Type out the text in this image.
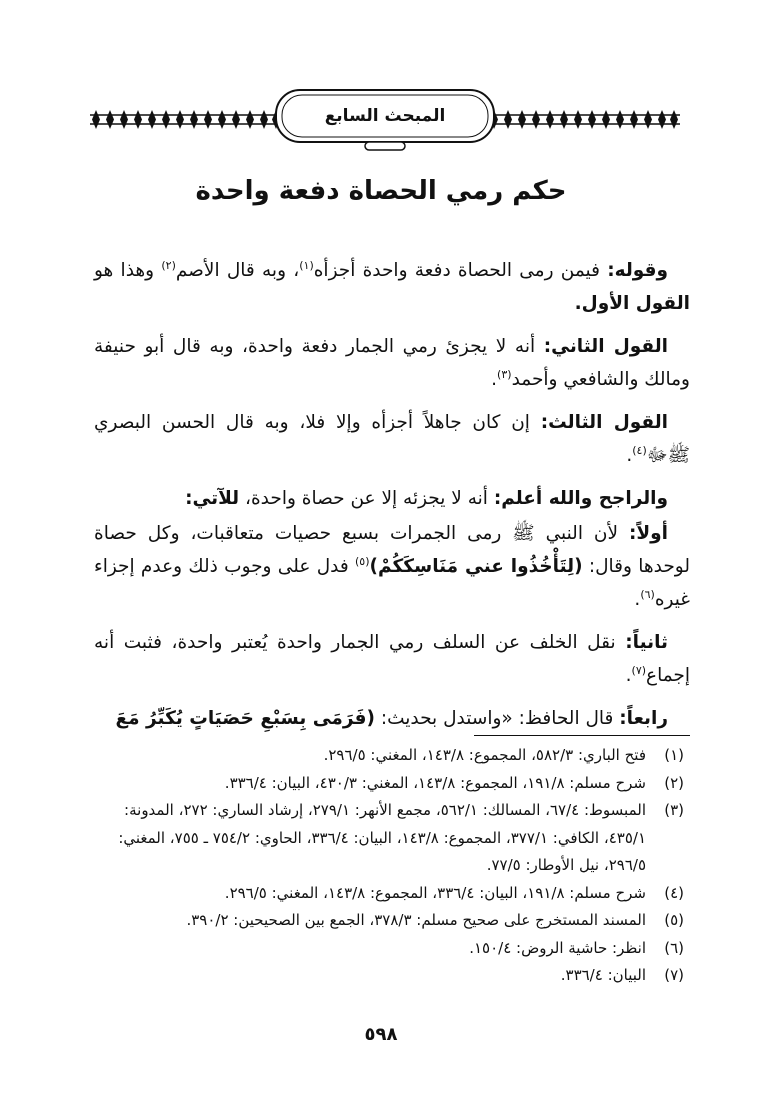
المبحث السابع
حكم رمي الحصاة دفعة واحدة

وقوله: فيمن رمى الحصاة دفعة واحدة أجزأه$^{(١)}$، وبه قال الأصم$^{(٢)}$ وهذا هو القول الأول.

القول الثاني: أنه لا يجزئ رمي الجمار دفعة واحدة، وبه قال أبو حنيفة ومالك والشافعي وأحمد$^{(٣)}$.

القول الثالث: إن كان جاهلاً أجزأه وإلا فلا، وبه قال الحسن البصري ﷺﷻ$^{(٤)}$.

والراجح والله أعلم: أنه لا يجزئه إلا عن حصاة واحدة، للآتي:

أولاً: لأن النبي ﷺ رمى الجمرات بسبع حصيات متعاقبات، وكل حصاة لوحدها وقال: (لِتَأْخُذُوا عني مَنَاسِكَكُمْ)$^{(٥)}$ فدل على وجوب ذلك وعدم إجزاء غيره$^{(٦)}$.

ثانياً: نقل الخلف عن السلف رمي الجمار واحدة يُعتبر واحدة، فثبت أنه إجماع$^{(٧)}$.

رابعاً: قال الحافظ: «واستدل بحديث: (فَرَمَى بِسَبْعِ حَصَيَاتٍ يُكَبِّرُ مَعَ

(١)
فتح الباري: ٥٨٢/٣، المجموع: ١٤٣/٨، المغني: ٢٩٦/٥.
(٢)
شرح مسلم: ١٩١/٨، المجموع: ١٤٣/٨، المغني: ٤٣٠/٣، البيان: ٣٣٦/٤.
(٣)
المبسوط: ٦٧/٤، المسالك: ٥٦٢/١، مجمع الأنهر: ٢٧٩/١، إرشاد الساري: ٢٧٢، المدونة: ٤٣٥/١، الكافي: ٣٧٧/١، المجموع: ١٤٣/٨، البيان: ٣٣٦/٤، الحاوي: ٧٥٤/٢ ـ ٧٥٥، المغني: ٢٩٦/٥، نيل الأوطار: ٧٧/٥.
(٤)
شرح مسلم: ١٩١/٨، البيان: ٣٣٦/٤، المجموع: ١٤٣/٨، المغني: ٢٩٦/٥.
(٥)
المسند المستخرج على صحيح مسلم: ٣٧٨/٣، الجمع بين الصحيحين: ٣٩٠/٢.
(٦)
انظر: حاشية الروض: ١٥٠/٤.
(٧)
البيان: ٣٣٦/٤.
٥٩٨
